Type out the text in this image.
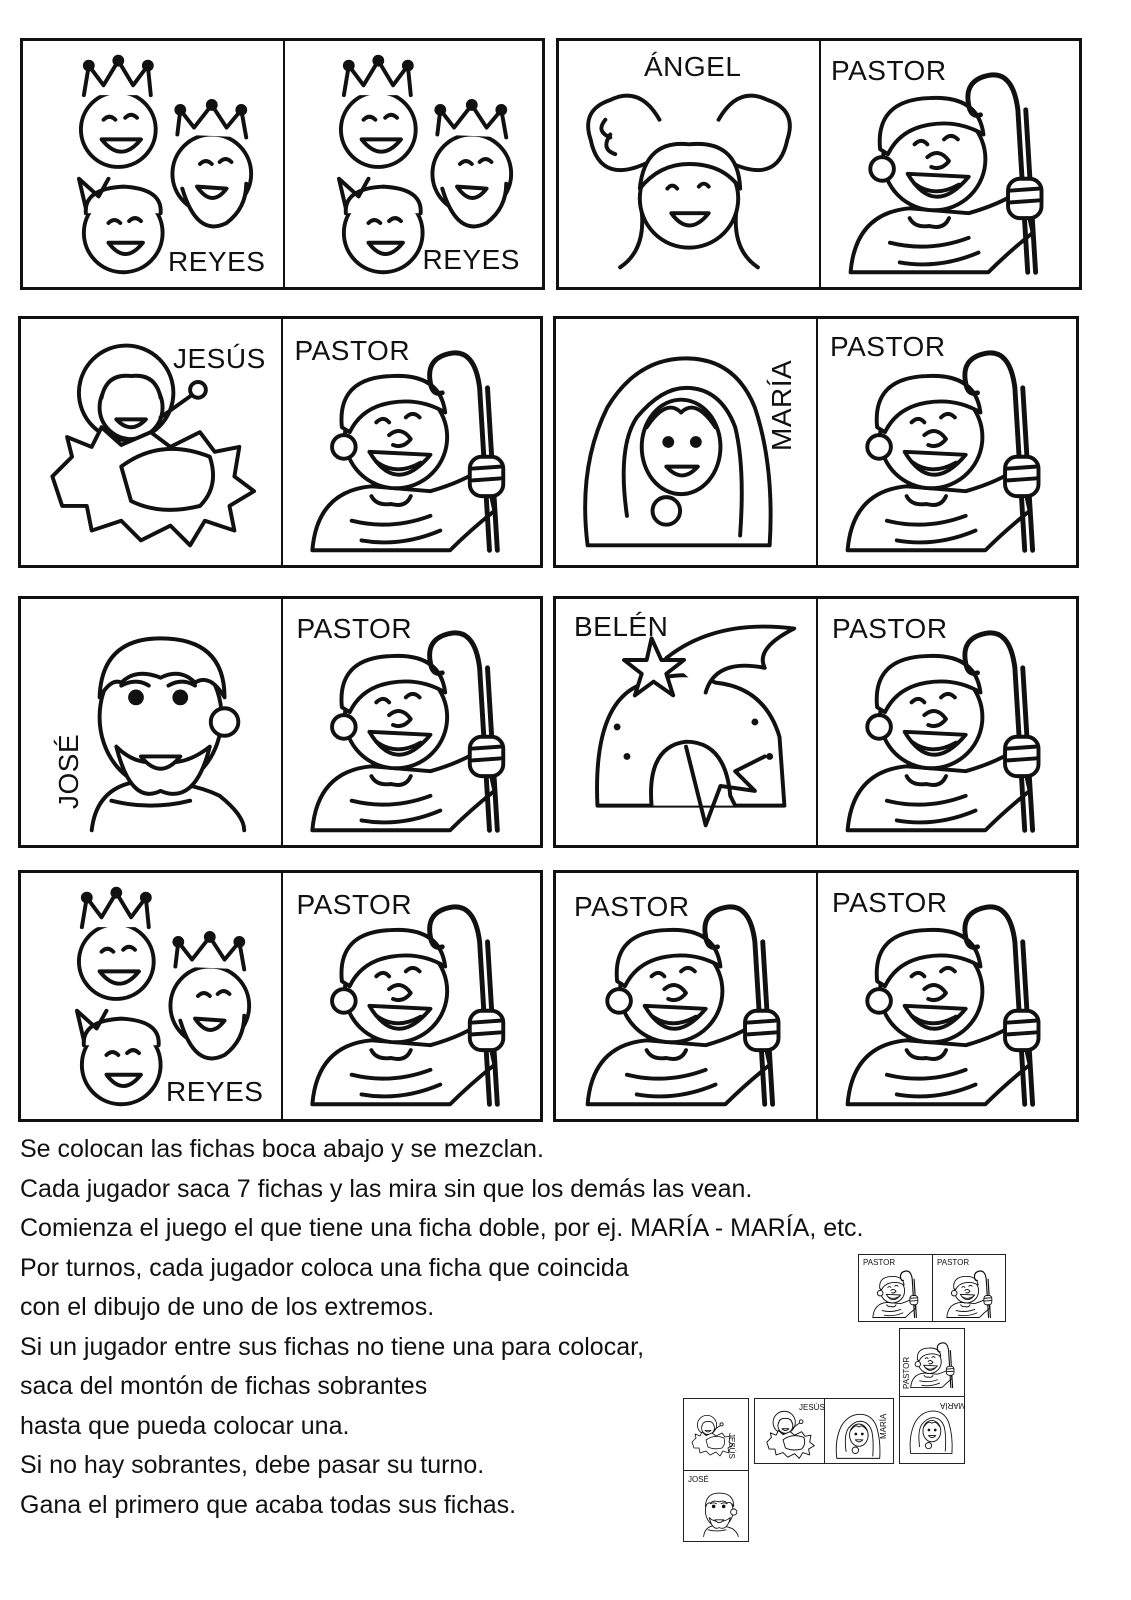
REYES	REYES
ÁNGEL	PASTOR
JESÚS PASTOR
MARÍA
PASTOR
JOSÉ
PASTOR	BELÉN	PASTOR
REYES
PASTOR	PASTOR	PASTOR
Se colocan las fichas boca abajo y se mezclan.
Cada jugador saca 7 fichas y las mira sin que los demás las vean.
Comienza el juego el que tiene una ficha doble, por ej. MARÍA - MARÍA, etc.
Por turnos, cada jugador coloca una ficha que coincida
con el dibujo de uno de los extremos.
Si un jugador entre sus fichas no tiene una para colocar,
saca del montón de fichas sobrantes
hasta que pueda colocar una.
Si no hay sobrantes, debe pasar su turno.
Gana el primero que acaba todas sus fichas.
PASTOR	PASTOR
PASTOR
MARÍA
JESÚS
MARÍA
JESÚS
JOSÉ
